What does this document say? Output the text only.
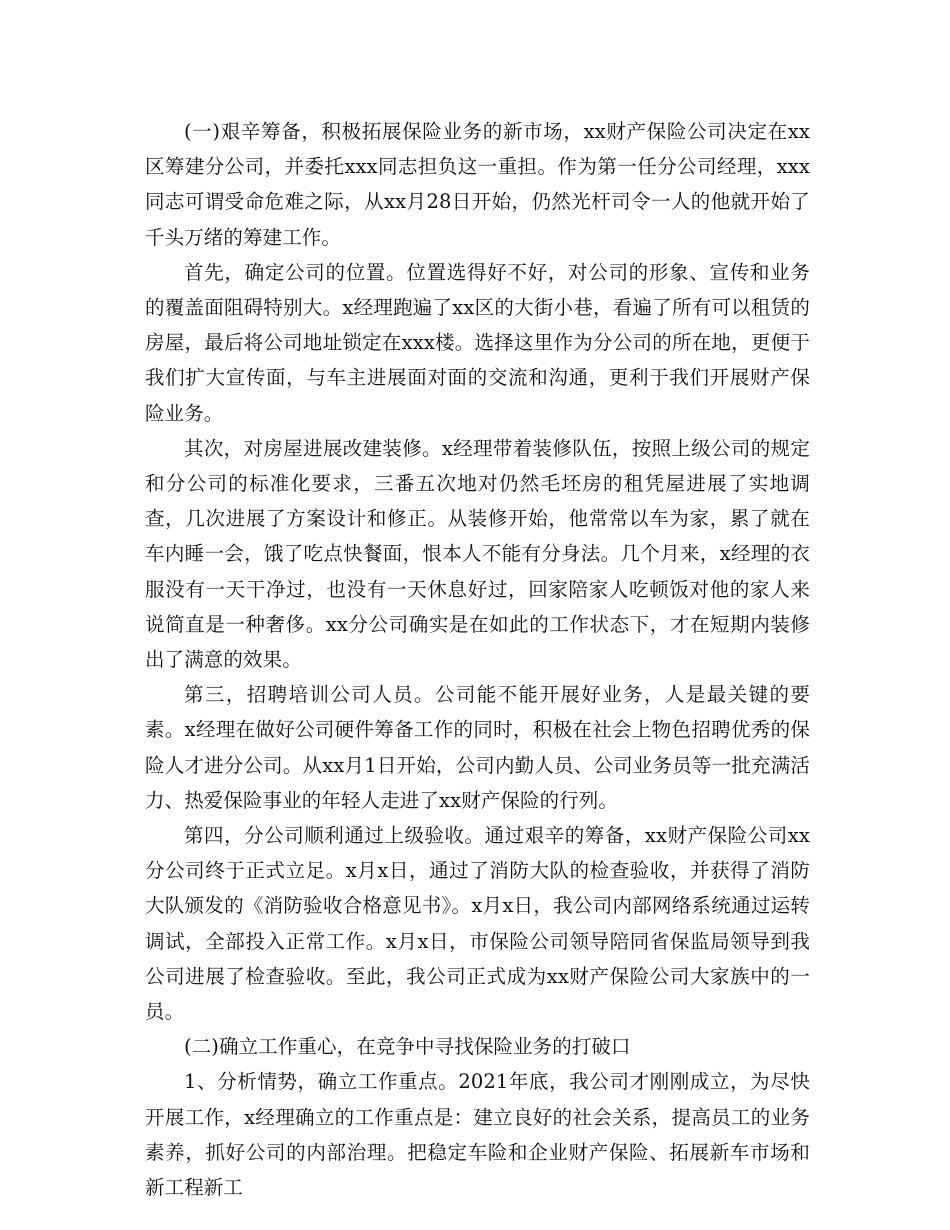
(一)艰辛筹备，积极拓展保险业务的新市场，xx财产保险公司决定在xx区筹建分公司，并委托xxx同志担负这一重担。作为第一任分公司经理，xxx同志可谓受命危难之际，从xx月28日开始，仍然光杆司令一人的他就开始了千头万绪的筹建工作。

首先，确定公司的位置。位置选得好不好，对公司的形象、宣传和业务的覆盖面阻碍特别大。x经理跑遍了xx区的大街小巷，看遍了所有可以租赁的房屋，最后将公司地址锁定在xxx楼。选择这里作为分公司的所在地，更便于我们扩大宣传面，与车主进展面对面的交流和沟通，更利于我们开展财产保险业务。

其次，对房屋进展改建装修。x经理带着装修队伍，按照上级公司的规定和分公司的标准化要求，三番五次地对仍然毛坯房的租凭屋进展了实地调查，几次进展了方案设计和修正。从装修开始，他常常以车为家，累了就在车内睡一会，饿了吃点快餐面，恨本人不能有分身法。几个月来，x经理的衣服没有一天干净过，也没有一天休息好过，回家陪家人吃顿饭对他的家人来说简直是一种奢侈。xx分公司确实是在如此的工作状态下，才在短期内装修出了满意的效果。

第三，招聘培训公司人员。公司能不能开展好业务，人是最关键的要素。x经理在做好公司硬件筹备工作的同时，积极在社会上物色招聘优秀的保险人才进分公司。从xx月1日开始，公司内勤人员、公司业务员等一批充满活力、热爱保险事业的年轻人走进了xx财产保险的行列。

第四，分公司顺利通过上级验收。通过艰辛的筹备，xx财产保险公司xx分公司终于正式立足。x月x日，通过了消防大队的检查验收，并获得了消防大队颁发的《消防验收合格意见书》。x月x日，我公司内部网络系统通过运转调试，全部投入正常工作。x月x日，市保险公司领导陪同省保监局领导到我公司进展了检查验收。至此，我公司正式成为xx财产保险公司大家族中的一员。

(二)确立工作重心，在竞争中寻找保险业务的打破口

1、分析情势，确立工作重点。2021年底，我公司才刚刚成立，为尽快开展工作，x经理确立的工作重点是：建立良好的社会关系，提高员工的业务素养，抓好公司的内部治理。把稳定车险和企业财产保险、拓展新车市场和新工程新工
